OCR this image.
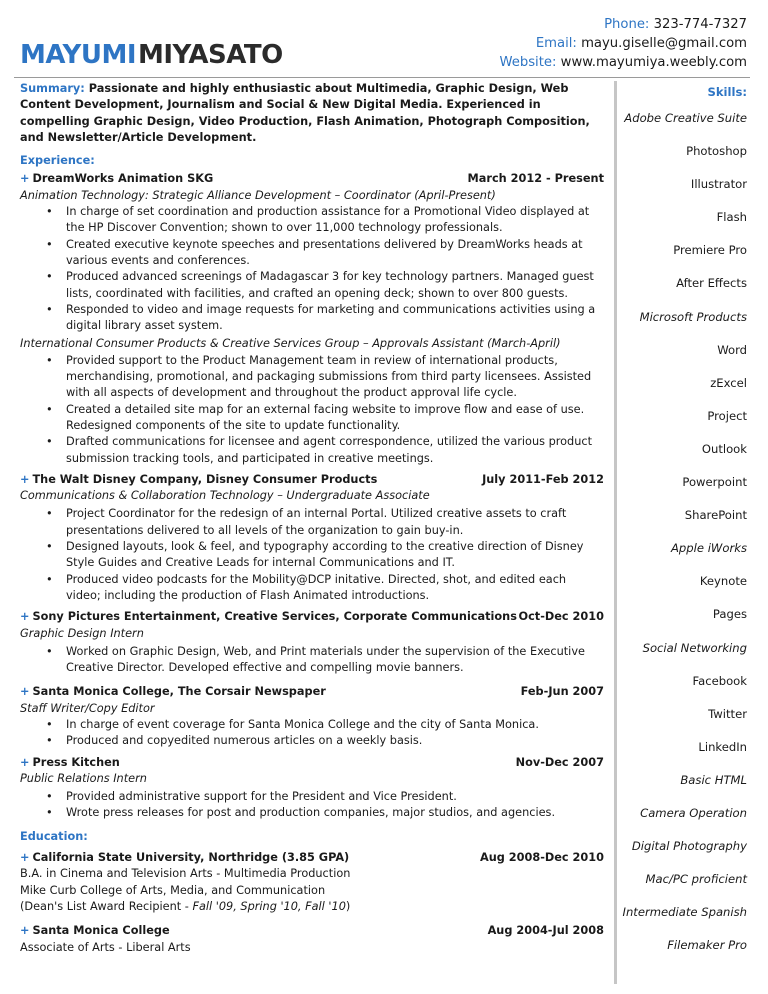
MAYUMIMIYASATO
Phone: 323-774-7327
Email: mayu.giselle@gmail.com
Website: www.mayumiya.weebly.com
Summary: Passionate and highly enthusiastic about Multimedia, Graphic Design, Web Content Development, Journalism and Social & New Digital Media. Experienced in compelling Graphic Design, Video Production, Flash Animation, Photograph Composition, and Newsletter/Article Development.
Experience:
+ DreamWorks Animation SKG	March 2012 - Present
Animation Technology: Strategic Alliance Development – Coordinator (April-Present)
• In charge of set coordination and production assistance for a Promotional Video displayed at the HP Discover Convention; shown to over 11,000 technology professionals.
• Created executive keynote speeches and presentations delivered by DreamWorks heads at various events and conferences.
• Produced advanced screenings of Madagascar 3 for key technology partners. Managed guest lists, coordinated with facilities, and crafted an opening deck; shown to over 800 guests.
• Responded to video and image requests for marketing and communications activities using a digital library asset system.
International Consumer Products & Creative Services Group – Approvals Assistant (March-April)
• Provided support to the Product Management team in review of international products, merchandising, promotional, and packaging submissions from third party licensees. Assisted with all aspects of development and throughout the product approval life cycle.
• Created a detailed site map for an external facing website to improve flow and ease of use. Redesigned components of the site to update functionality.
• Drafted communications for licensee and agent correspondence, utilized the various product submission tracking tools, and participated in creative meetings.
+ The Walt Disney Company, Disney Consumer Products	July 2011-Feb 2012
Communications & Collaboration Technology – Undergraduate Associate
• Project Coordinator for the redesign of an internal Portal. Utilized creative assets to craft presentations delivered to all levels of the organization to gain buy-in.
• Designed layouts, look & feel, and typography according to the creative direction of Disney Style Guides and Creative Leads for internal Communications and IT.
• Produced video podcasts for the Mobility@DCP initative. Directed, shot, and edited each video; including the production of Flash Animated introductions.
+ Sony Pictures Entertainment, Creative Services, Corporate Communications Oct-Dec 2010
Graphic Design Intern
• Worked on Graphic Design, Web, and Print materials under the supervision of the Executive Creative Director. Developed effective and compelling movie banners.
+ Santa Monica College, The Corsair Newspaper	Feb-Jun 2007
Staff Writer/Copy Editor
• In charge of event coverage for Santa Monica College and the city of Santa Monica.
• Produced and copyedited numerous articles on a weekly basis.
+ Press Kitchen	Nov-Dec 2007
Public Relations Intern
• Provided administrative support for the President and Vice President.
• Wrote press releases for post and production companies, major studios, and agencies.
Education:
+ California State University, Northridge (3.85 GPA)	Aug 2008-Dec 2010
B.A. in Cinema and Television Arts - Multimedia Production
Mike Curb College of Arts, Media, and Communication
(Dean's List Award Recipient - Fall '09, Spring '10, Fall '10)
+ Santa Monica College	Aug 2004-Jul 2008
Associate of Arts - Liberal Arts
Skills:
Adobe Creative Suite
Photoshop
Illustrator
Flash
Premiere Pro
After Effects
Microsoft Products
Word
zExcel
Project
Outlook
Powerpoint
SharePoint
Apple iWorks
Keynote
Pages
Social Networking
Facebook
Twitter
LinkedIn
Basic HTML
Camera Operation
Digital Photography
Mac/PC proficient
Intermediate Spanish
Filemaker Pro
